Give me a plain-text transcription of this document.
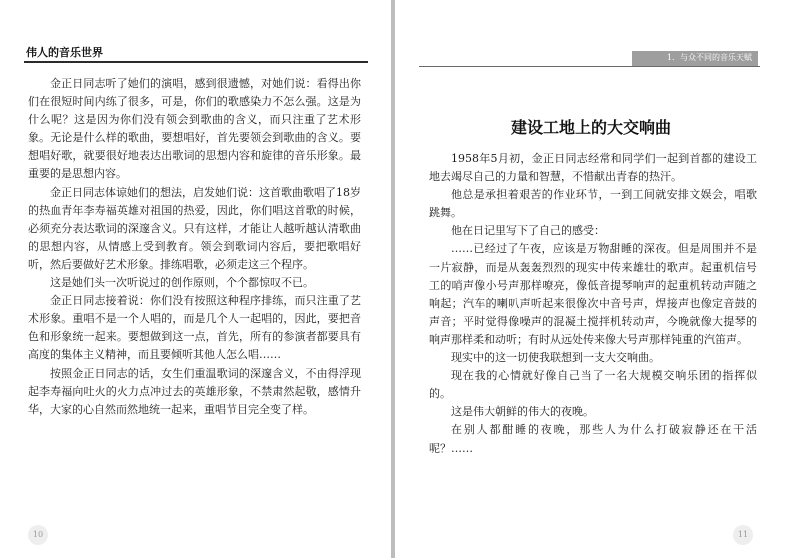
伟人的音乐世界

金正日同志听了她们的演唱，感到很遗憾，对她们说：看得出你们在很短时间内练了很多，可是，你们的歌感染力不怎么强。这是为什么呢？这是因为你们没有领会到歌曲的含义，而只注重了艺术形象。无论是什么样的歌曲，要想唱好，首先要领会到歌曲的含义。要想唱好歌，就要很好地表达出歌词的思想内容和旋律的音乐形象。最重要的是思想内容。

金正日同志体谅她们的想法，启发她们说：这首歌曲歌唱了18岁的热血青年李寿福英雄对祖国的热爱，因此，你们唱这首歌的时候，必须充分表达歌词的深邃含义。只有这样，才能让人越听越认清歌曲的思想内容，从情感上受到教育。领会到歌词内容后，要把歌唱好听，然后要做好艺术形象。排练唱歌，必须走这三个程序。

这是她们头一次听说过的创作原则，个个都惊叹不已。

金正日同志接着说：你们没有按照这种程序排练，而只注重了艺术形象。重唱不是一个人唱的，而是几个人一起唱的，因此，要把音色和形象统一起来。要想做到这一点，首先，所有的参演者都要具有高度的集体主义精神，而且要倾听其他人怎么唱……

按照金正日同志的话，女生们重温歌词的深邃含义，不由得浮现起李寿福向吐火的火力点冲过去的英雄形象，不禁肃然起敬，感情升华，大家的心自然而然地统一起来，重唱节目完全变了样。

10
1．与众不同的音乐天赋
建设工地上的大交响曲

1958年5月初，金正日同志经常和同学们一起到首都的建设工地去竭尽自己的力量和智慧，不惜献出青春的热汗。

他总是承担着艰苦的作业环节，一到工间就安排文娱会，唱歌跳舞。

他在日记里写下了自己的感受：

……已经过了午夜，应该是万物甜睡的深夜。但是周围并不是一片寂静，而是从轰轰烈烈的现实中传来雄壮的歌声。起重机信号工的哨声像小号声那样嘹亮，像低音提琴响声的起重机转动声随之响起；汽车的喇叭声听起来很像次中音号声，焊接声也像定音鼓的声音；平时觉得像噪声的混凝土搅拌机转动声，今晚就像大提琴的响声那样柔和动听；有时从远处传来像大号声那样钝重的汽笛声。

现实中的这一切使我联想到一支大交响曲。

现在我的心情就好像自己当了一名大规模交响乐团的指挥似的。

这是伟大朝鲜的伟大的夜晚。

在别人都酣睡的夜晚，那些人为什么打破寂静还在干活呢？……

11
